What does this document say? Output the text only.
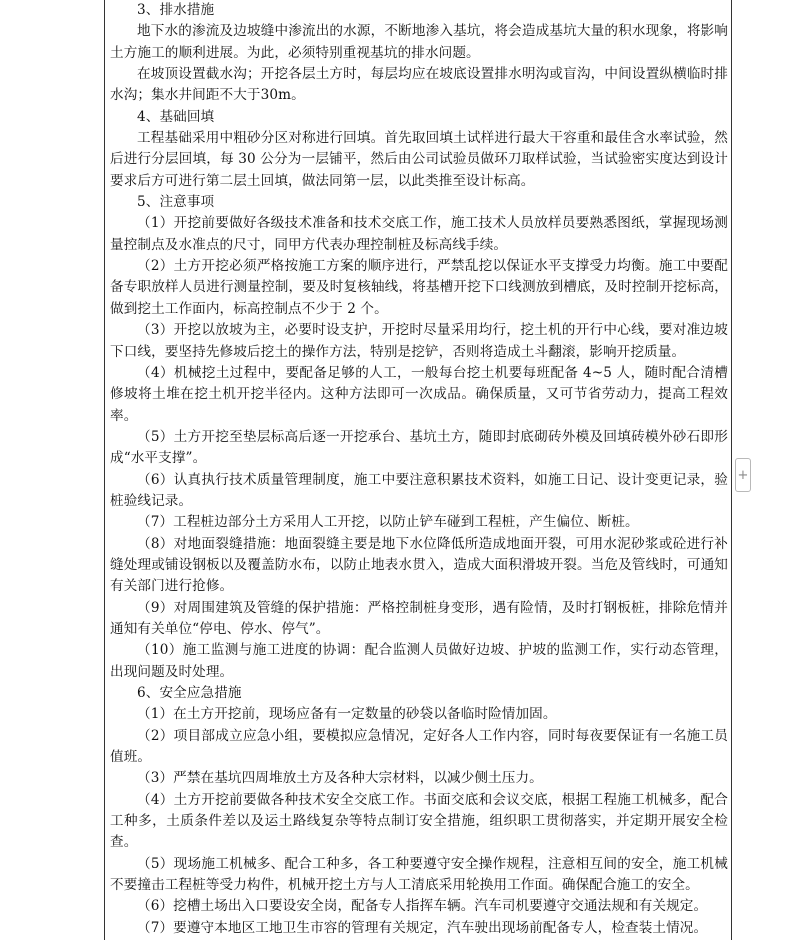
3、排水措施

地下水的渗流及边坡缝中渗流出的水源，不断地渗入基坑，将会造成基坑大量的积水现象，将影响土方施工的顺利进展。为此，必须特别重视基坑的排水问题。

在坡顶设置截水沟；开挖各层土方时，每层均应在坡底设置排水明沟或盲沟，中间设置纵横临时排水沟；集水井间距不大于30m。

4、基础回填

工程基础采用中粗砂分区对称进行回填。首先取回填土试样进行最大干容重和最佳含水率试验，然后进行分层回填，每 30 公分为一层铺平，然后由公司试验员做环刀取样试验，当试验密实度达到设计要求后方可进行第二层土回填，做法同第一层，以此类推至设计标高。

5、注意事项

（1）开挖前要做好各级技术准备和技术交底工作，施工技术人员放样员要熟悉图纸，掌握现场测量控制点及水准点的尺寸，同甲方代表办理控制桩及标高线手续。

（2）土方开挖必须严格按施工方案的顺序进行，严禁乱挖以保证水平支撑受力均衡。施工中要配备专职放样人员进行测量控制，要及时复核轴线，将基槽开挖下口线测放到槽底，及时控制开挖标高，做到挖土工作面内，标高控制点不少于 2 个。

（3）开挖以放坡为主，必要时设支护，开挖时尽量采用均行，挖土机的开行中心线，要对准边坡下口线，要坚持先修坡后挖土的操作方法，特别是挖铲，否则将造成土斗翻滚，影响开挖质量。

（4）机械挖土过程中，要配备足够的人工，一般每台挖土机要每班配备 4~5 人，随时配合清槽修坡将土堆在挖土机开挖半径内。这种方法即可一次成品。确保质量，又可节省劳动力，提高工程效率。

（5）土方开挖至垫层标高后逐一开挖承台、基坑土方，随即封底砌砖外模及回填砖模外砂石即形成“水平支撑”。

（6）认真执行技术质量管理制度，施工中要注意积累技术资料，如施工日记、设计变更记录，验桩验线记录。

（7）工程桩边部分土方采用人工开挖，以防止铲车碰到工程桩，产生偏位、断桩。

（8）对地面裂缝措施：地面裂缝主要是地下水位降低所造成地面开裂，可用水泥砂浆或砼进行补缝处理或铺设钢板以及覆盖防水布，以防止地表水贯入，造成大面积滑坡开裂。当危及管线时，可通知有关部门进行抢修。

（9）对周围建筑及管缝的保护措施：严格控制桩身变形，遇有险情，及时打钢板桩，排除危情并通知有关单位“停电、停水、停气”。

（10）施工监测与施工进度的协调：配合监测人员做好边坡、护坡的监测工作，实行动态管理，出现问题及时处理。

6、安全应急措施

（1）在土方开挖前，现场应备有一定数量的砂袋以备临时险情加固。

（2）项目部成立应急小组，要模拟应急情况，定好各人工作内容，同时每夜要保证有一名施工员值班。

（3）严禁在基坑四周堆放土方及各种大宗材料，以减少侧土压力。

（4）土方开挖前要做各种技术安全交底工作。书面交底和会议交底，根据工程施工机械多，配合工种多，土质条件差以及运土路线复杂等特点制订安全措施，组织职工贯彻落实，并定期开展安全检查。

（5）现场施工机械多、配合工种多，各工种要遵守安全操作规程，注意相互间的安全，施工机械不要撞击工程桩等受力构件，机械开挖土方与人工清底采用轮换用工作面。确保配合施工的安全。

（6）挖槽土场出入口要设安全岗，配备专人指挥车辆。汽车司机要遵守交通法规和有关规定。

（7）要遵守本地区工地卫生市容的管理有关规定，汽车驶出现场前配备专人，检查装土情况。

+
